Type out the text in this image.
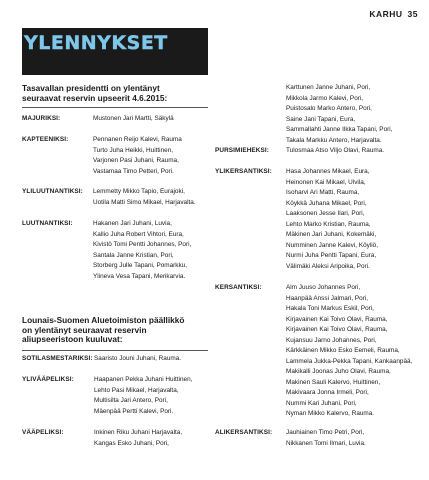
KARHU 35
YLENNYKSET
Tasavallan presidentti on ylentänyt
seuraavat reservin upseerit 4.6.2015:
MAJURIKSI:	Mustonen Jari Martti, Säkylä
KAPTEENIKSI:	Pennanen Reijo Kalevi, Rauma
Turto Juha Heikki, Huittinen,
Varjonen Pasi Juhani, Rauma,
Vastamaa Timo Petteri, Pori.
YLILUUTNANTIKSI: Lemmetty Mikko Tapio, Eurajoki,
Uotila Matti Simo Mikael, Harjavalta.
LUUTNANTIKSI:	Hakanen Jari Juhani, Luvia,
Kallio Juha Robert Vihtori, Eura,
Kivistö Tomi Pentti Johannes, Pori,
Santala Janne Kristian, Pori,
Storberg Julle Tapani, Pomarkku,
Ylineva Vesa Tapani, Merikarvia.
Lounais-Suomen Aluetoimiston päällikkö
on ylentänyt seuraavat reservin
aliupseeristoon kuuluvat:
SOTILASMESTARIKSI: Saaristo Jouni Juhani, Rauma.
YLIVÄÄPELIKSI:	Haapanen Pekka Juhani Huittinen,
Lehto Pasi Mikael, Harjavalta,
Multisilta Jari Antero, Pori,
Mäenpää Pertti Kalevi, Pori.
VÄÄPELIKSI:	Inkinen Riku Juhani Harjavalta,
Kangas Esko Juhani, Pori,
Karttunen Janne Juhani, Pori,
Mikkola Jarmo Kalevi, Pori,
Puistosalo Marko Antero, Pori,
Saine Jani Tapani, Eura,
Sammallahti Janne Ilkka Tapani, Pori,
Takala Markku Antero, Harjavalta.
PURSIMIEHEKSI:	Tulosmaa Atso Viljo Olavi, Rauma.
YLIKERSANTIKSI: Hasa Johannes Mikael, Eura,
Heinonen Kai Mikael, Ulvila,
Isoharvi Ari Matti, Rauma,
Köykkä Juhana Mikael, Pori,
Laaksonen Jesse Ilari, Pori,
Lehto Marko Kristian, Rauma,
Mäkinen Jari Juhani, Kokemäki,
Numminen Janne Kalevi, Köyliö,
Nurmi Juha Pentti Tapani, Eura,
Välimäki Aleksi Aripoika, Pori.
KERSANTIKSI:	Alm Juuso Johannes Pori,
Haanpää Anssi Jalmari, Pori,
Hakala Toni Markus Eskil, Pori,
Kirjavainen Kai Toivo Olavi, Rauma,
Kirjavainen Kai Toivo Olavi, Rauma,
Kujansuu Jarno Johannes, Pori,
Kärkkäinen Mikko Esko Eemeli, Rauma,
Lammela Jukka-Pekka Tapani, Kankaanpää,
Makikalli Joonas Juho Olavi, Rauma,
Makinen Sauli Kalervo, Huittinen,
Makivaara Jonna Irmeli, Pori,
Nummi Kari Juhani, Pori,
Nyman Mikko Kalervo, Rauma.
ALIKERSANTIKSI: Jauhiainen Timo Petri, Pori,
Nikkanen Tomi Ilmari, Luvia.
